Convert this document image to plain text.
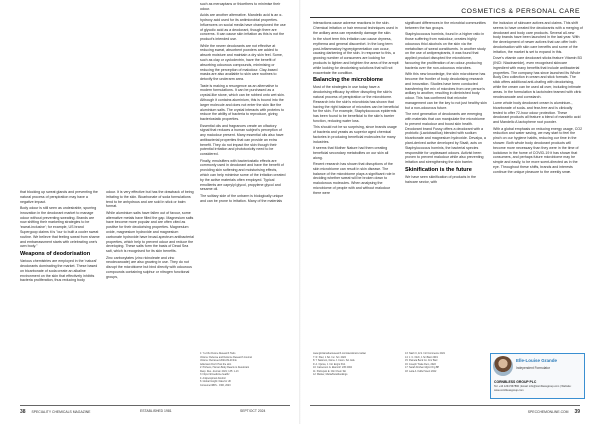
COSMETICS & PERSONAL CARE

that blocking up sweat glands and preventing the natural process of perspiration may have a negative impact.

Body odour is still seen as undesirable, spurring innovation in the deodorant market to manage odour without preventing sweating. Brands are now shifting their marketing strategies to be 'sweat-inclusive'; for example, US brand Supergoop claims it is "our to built a cooler sweat routine. We believe that feeling sweat from shame and embarrassment starts with celebrating one's own body."

Weapons of deodorisation

Various chemistries are employed in the 'natural' deodorants dominating the market. These based on bicarbonate of soda create an alkaline environment on the skin that effectively inhibits bacteria proliferation, thus reducing body

odour. It is very effective but has the drawback of being irritating to the skin. Bicarbonate of soda formulations tend to be anhydrous and are sold in stick or balm format.

While aluminium salts have fallen out of favour, some alternative metals have filled the gap. Magnesium salts have become more popular and are often cited as positive for their deodorising properties. Magnesium oxide, magnesium hydroxide and magnesium carbonate hydroxide have broad-spectrum antibacterial properties, which help to prevent odour and reduce the developing. These salts form the basis of Dead Sea salt, which is recognised for its skin benefits.

Zinc carboxylates (zinc ricinoleate and zinc neodecanoate) are also growing in use. They do not disrupt the microbiome but bind directly with odourous compounds containing sulphur or nitrogen functional groups,

such as mercaptans or thioethers to minimise their odour.

Acids are another alternative. Mandelic acid is an α-hydroxy acid used for its antimicrobial properties. Influencers on social media have championed the use of glycolic acid as a deodorant, though there are concerns. It can cause skin irritation as this is not the product's intended use.

While the newer deodorants are not effective at reducing sweat, absorbent powders are added to absorb moisture and maintain a dry skin feel. Some, such as clay or cyclodextrin, have the benefit of absorbing odourous compounds, minimising or reducing the perception of malodour. Clay-based masks are also available to skin care routines to detoxify the underarm area.

Taste is making a resurgence as an alternative to modern formulations. It can be purchased as a crystal-like stone, which can be rubbed onto wet skin. Although it contains aluminium, this is bound into the larger molecule and does not enter the skin like the aluminium salts. The crystal interacts with proteins to reduce the ability of bacteria to reproduce, giving bacteriostatic properties.

Essential oils and fragrances create an olfactory signal that reduces a human subject's perception of any malodour present. Many essential oils also have antibacterial properties that can provide an extra benefit. They do not impact the skin though their potential irritation and phototoxicity need to be considered.

Finally, emulsifiers with bacteriostatic effects are commonly used in deodorant and have the benefit of providing skin softening and moisturising effects, which can help minimise some of the irritation created by the active materials often employed. Typical emollients are caprylyl glycol, propylene glycol and sesame oil.

The solitary side of the unbarm is biologically unique and can be prone to irritation. Many of the materials

1: Yu-Cho Dunne Research Tools
Volume: Defense and Defence Research Journal
Volume: Retrieved 2024-09-20 link
Adlerstein Don't Post the skin
2: Ptchens, Human Body Reacts to Deodorant
Resp. Res. Journal. 2021; 135: 1-13
3: https://drmedicine.health/
4: Antiperspirant Alcohol
6: Global Insight: Data for UK
Consumer/RDS - CSR, 2023
38 SPECIALITY CHEMICALS MAGAZINE	ESTABLISHED 1981	SEPT/OCT 2024

interactions cause adverse reactions in the skin. Chemical irritation or hair removal techniques used in the axillary area can repeatedly damage the skin.

In the short term this irritation can cause dryness, erythema and general discomfort. In the long term post-inflammatory hyperpigmentation can occur, causing darkening of the skin. In response to this, a growing number of consumers are looking for products to lighten and brighten the area of the armpit while looking for deodorising solutions that will not exacerbate the condition.

Balancing the microbiome

Most of the strategies in use today have a deodorising efficacy by either disrupting the skin's natural process of perspiration or the microbiome. Research into the skin's microbiota has shown that having the right balance of microbes can be beneficial for the skin. For example, Staphylococcus epidermis has been found to be beneficial to the skin's barrier function, reducing water loss.

This should not be so surprising, since brands usage of bacteria and yeasts as superior aged chemical factories in producing beneficial molecules for many industries.

It seems that Mother Nature had them creating beneficial secondary metabolites on our skin all along.

Recent research has shown that disruptions of the skin microbiome can result in skin disease. The balance of the microbiome plays a significant role in deciding whether sweat will be broken down to malodorous molecules. When analysing the microbiome of people with and without malodour there were

significant differences in the microbial communities between the two groups.

Staphylococcus hominis, found in a higher ratio in those suffering from malodour, creates highly odourous thiol alcohols on the skin via the metabolism of sweat constituents. In another study on the use of antiperspirants, it was found that applied product disrupted the microbiome, favouring the proliferation of an odour-producing bacteria over the non-odourous microbes.

With this new knowledge, the skin microbiome has become the frontier of body deodorising research and innovation. Studies have been conducted transferring the mix of microbes from one person's axillary to another, resulting in diminished body odour. This has confirmed that microbe management can be the key to not just healthy skin but a non-odourous future.

The next generation of deodorants are emerging with materials that can manipulate the microbiome to prevent malodour and boost skin health. Deodorant brand Fussy offers a deodorant with a probiotic (Lactobacillus) blended with sodium bicarbonate and magnesium hydroxide. Devalya, a plant-derived active developed by Sisalt, acts on Staphylococcus hominis, the bacterial species responsible for unpleasant odours. Activist been proven to prevent malodour while also preventing irritation and strengthening the skin barrier.

Skinification is the future

We have seen skinification of products in the haircare sector, with

the inclusion of skincare actives and claims. This shift seems to have created the deodorants with a merging of deodorant and body care products. Several all-new body brands have been launched in the last year. With the development of newer actives that can offer both deodorisation with skin care benefits and some of the irritation, the market is set to expand in this.

Dove's vitamin care deodorant sticks feature Vitamin B3 (INCI: Niacinamide), even recognised skincare ingredient with many benefits that include antibacterial properties. The company has since launched its Whole Body Deo collection in cream and stick formats. The stick offers additional anti-chafing with deodorising, while the cream can be used all over, including intimate areas. In the formulation is lactoindex teamed with citric neodecanoate and cornstarch.

Lume whole body deodorant cream is aluminium-, bicarbonate of soda- and fear-free and is clinically tested to offer 72-hour odour protection. These deodorant products all feature a blend of mandelic acid and Mandelic A lactophene root powder.

With a global emphasis on reducing energy usage, CO2 reduction and water saving, we may start to feel the pinch on our hygiene habits, reducing our time in the shower. Both whole body deodorant products will become more necessary than they were in the time of lockdown in the home of COVID-19 it has shown that consumers, and perhaps future microbiome may be simple and easily, to be more scent-directed as in the eye. Throughout these shifts, brands and interests continue the unique pleasure to the weekly smæ.

www.gloriamarketresearch.com/deodorant-market
7: R. Paul, 1 Sci. Inc. Sci. 2022
8: Y Salomon, Dome J. Cosm. Sci. Eds.
9: A. Ojuma, J. Intl. Engrs Pub.
10: Cameroon G. Elam/J2: 245 2002
11: Palmqvist E. Clin Chem Ski
12: Marker, Marta/fiscalbookings
13: Nash C, E.S. Intl Commerce 2021
14: J. C. Fitch, 1 Sci Bact 2019
15: Pamela Bock Co. Fmr Barr
16: Joseph Trade Dem, 2022
17: Sarah Kitchen Mgmt Org BP
18: Leila A. Kaffel Scent 2022
Elle-Louise Grande
Independent Formulator
CORNBLESS GROUP PLC
Tel: +44 1234 567890 | Email: info@cornblessgroup.com | Website: www.cornblessgroup.com
SPECCHEMONLINE.COM 39
